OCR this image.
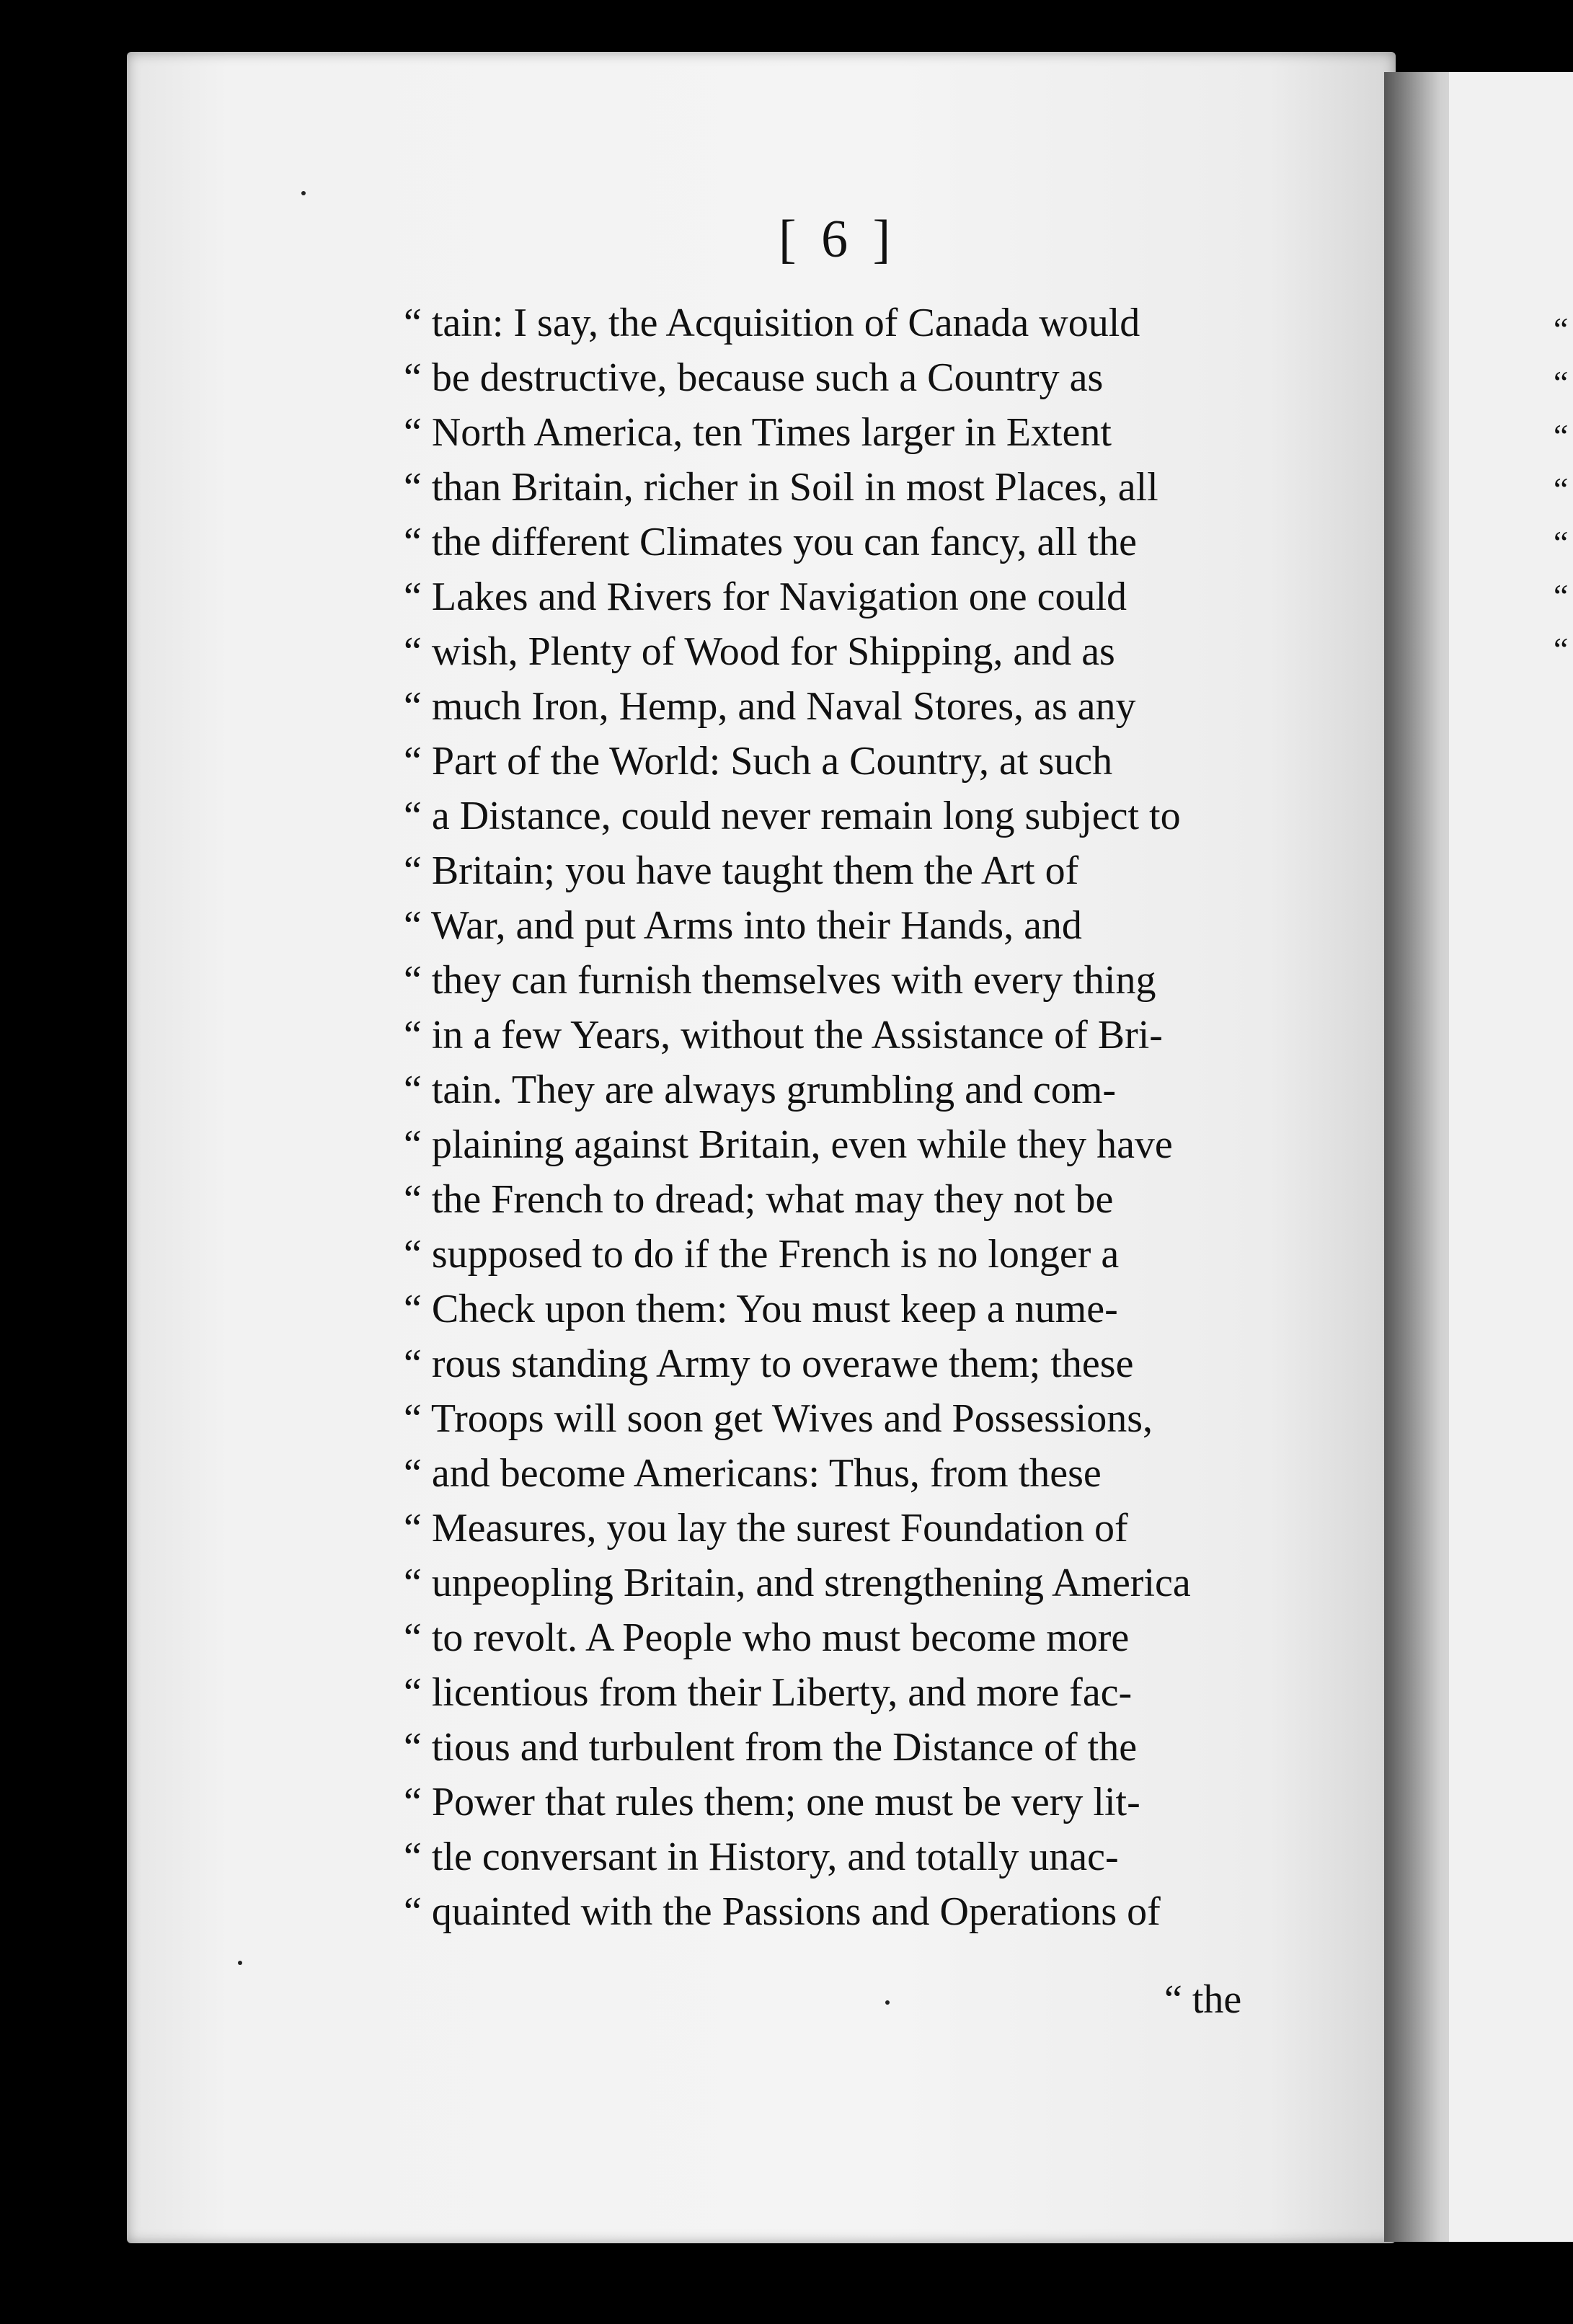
“
“
“
“
“
“
“
[ 6 ]
“ tain: I say, the Acquisition of Canada would
“ be destructive, because such a Country as
“ North America, ten Times larger in Extent
“ than Britain, richer in Soil in most Places, all
“ the different Climates you can fancy, all the
“ Lakes and Rivers for Navigation one could
“ wish, Plenty of Wood for Shipping, and as
“ much Iron, Hemp, and Naval Stores, as any
“ Part of the World: Such a Country, at such
“ a Distance, could never remain long subject to
“ Britain; you have taught them the Art of
“ War, and put Arms into their Hands, and
“ they can furnish themselves with every thing
“ in a few Years, without the Assistance of Bri-
“ tain. They are always grumbling and com-
“ plaining against Britain, even while they have
“ the French to dread; what may they not be
“ supposed to do if the French is no longer a
“ Check upon them: You must keep a nume-
“ rous standing Army to overawe them; these
“ Troops will soon get Wives and Possessions,
“ and become Americans: Thus, from these
“ Measures, you lay the surest Foundation of
“ unpeopling Britain, and strengthening America
“ to revolt. A People who must become more
“ licentious from their Liberty, and more fac-
“ tious and turbulent from the Distance of the
“ Power that rules them; one must be very lit-
“ tle conversant in History, and totally unac-
“ quainted with the Passions and Operations of
“ the
